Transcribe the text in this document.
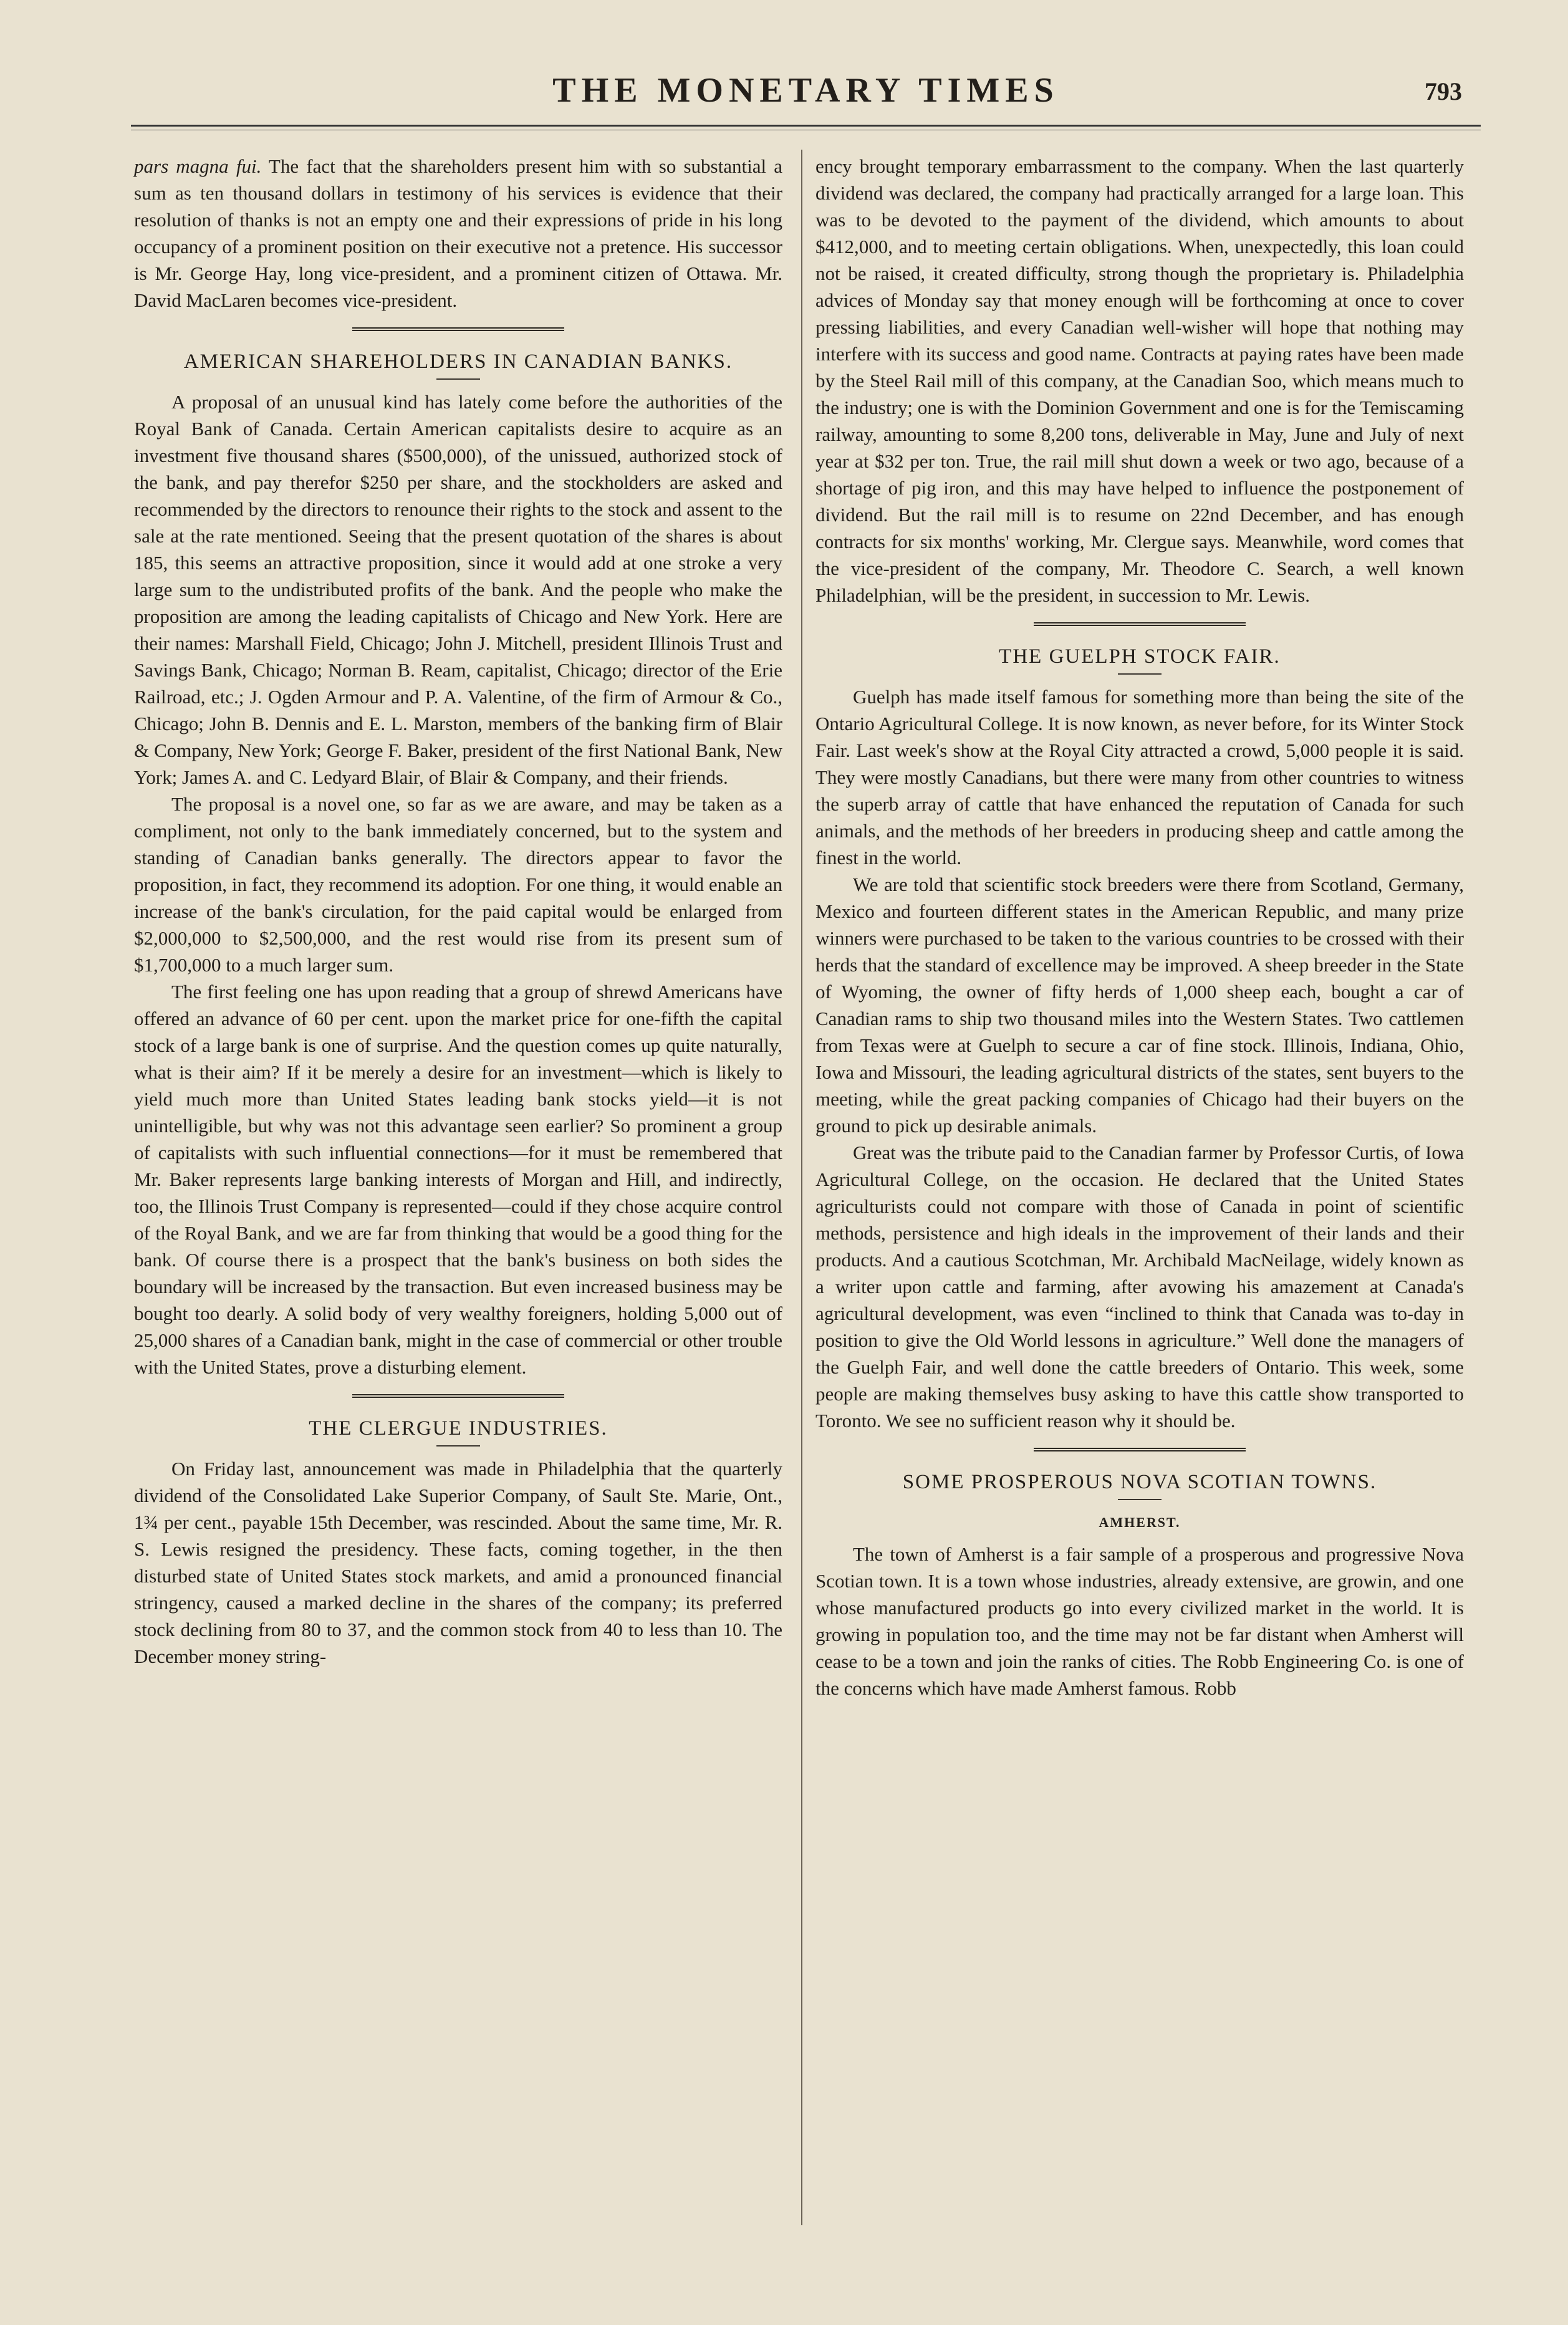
THE MONETARY TIMES	793

pars magna fui. The fact that the shareholders present him with so substantial a sum as ten thousand dollars in testimony of his services is evidence that their resolution of thanks is not an empty one and their expressions of pride in his long occupancy of a prominent position on their executive not a pretence. His successor is Mr. George Hay, long vice-president, and a prominent citizen of Ottawa. Mr. David MacLaren becomes vice-president.

AMERICAN SHAREHOLDERS IN CANADIAN BANKS.

A proposal of an unusual kind has lately come before the authorities of the Royal Bank of Canada. Certain American capitalists desire to acquire as an investment five thousand shares ($500,000), of the unissued, authorized stock of the bank, and pay therefor $250 per share, and the stockholders are asked and recommended by the directors to renounce their rights to the stock and assent to the sale at the rate mentioned. Seeing that the present quotation of the shares is about 185, this seems an attractive proposition, since it would add at one stroke a very large sum to the undistributed profits of the bank. And the people who make the proposition are among the leading capitalists of Chicago and New York. Here are their names: Marshall Field, Chicago; John J. Mitchell, president Illinois Trust and Savings Bank, Chicago; Norman B. Ream, capitalist, Chicago; director of the Erie Railroad, etc.; J. Ogden Armour and P. A. Valentine, of the firm of Armour & Co., Chicago; John B. Dennis and E. L. Marston, members of the banking firm of Blair & Company, New York; George F. Baker, president of the first National Bank, New York; James A. and C. Ledyard Blair, of Blair & Company, and their friends.

The proposal is a novel one, so far as we are aware, and may be taken as a compliment, not only to the bank immediately concerned, but to the system and standing of Canadian banks generally. The directors appear to favor the proposition, in fact, they recommend its adoption. For one thing, it would enable an increase of the bank's circulation, for the paid capital would be enlarged from $2,000,000 to $2,500,000, and the rest would rise from its present sum of $1,700,000 to a much larger sum.

The first feeling one has upon reading that a group of shrewd Americans have offered an advance of 60 per cent. upon the market price for one-fifth the capital stock of a large bank is one of surprise. And the question comes up quite naturally, what is their aim? If it be merely a desire for an investment—which is likely to yield much more than United States leading bank stocks yield—it is not unintelligible, but why was not this advantage seen earlier? So prominent a group of capitalists with such influential connections—for it must be remembered that Mr. Baker represents large banking interests of Morgan and Hill, and indirectly, too, the Illinois Trust Company is represented—could if they chose acquire control of the Royal Bank, and we are far from thinking that would be a good thing for the bank. Of course there is a prospect that the bank's business on both sides the boundary will be increased by the transaction. But even increased business may be bought too dearly. A solid body of very wealthy foreigners, holding 5,000 out of 25,000 shares of a Canadian bank, might in the case of commercial or other trouble with the United States, prove a disturbing element.

THE CLERGUE INDUSTRIES.

On Friday last, announcement was made in Philadelphia that the quarterly dividend of the Consolidated Lake Superior Company, of Sault Ste. Marie, Ont., 1¾ per cent., payable 15th December, was rescinded. About the same time, Mr. R. S. Lewis resigned the presidency. These facts, coming together, in the then disturbed state of United States stock markets, and amid a pronounced financial stringency, caused a marked decline in the shares of the company; its preferred stock declining from 80 to 37, and the common stock from 40 to less than 10. The December money string-

ency brought temporary embarrassment to the company. When the last quarterly dividend was declared, the company had practically arranged for a large loan. This was to be devoted to the payment of the dividend, which amounts to about $412,000, and to meeting certain obligations. When, unexpectedly, this loan could not be raised, it created difficulty, strong though the proprietary is. Philadelphia advices of Monday say that money enough will be forthcoming at once to cover pressing liabilities, and every Canadian well-wisher will hope that nothing may interfere with its success and good name. Contracts at paying rates have been made by the Steel Rail mill of this company, at the Canadian Soo, which means much to the industry; one is with the Dominion Government and one is for the Temiscaming railway, amounting to some 8,200 tons, deliverable in May, June and July of next year at $32 per ton. True, the rail mill shut down a week or two ago, because of a shortage of pig iron, and this may have helped to influence the postponement of dividend. But the rail mill is to resume on 22nd December, and has enough contracts for six months' working, Mr. Clergue says. Meanwhile, word comes that the vice-president of the company, Mr. Theodore C. Search, a well known Philadelphian, will be the president, in succession to Mr. Lewis.

THE GUELPH STOCK FAIR.

Guelph has made itself famous for something more than being the site of the Ontario Agricultural College. It is now known, as never before, for its Winter Stock Fair. Last week's show at the Royal City attracted a crowd, 5,000 people it is said. They were mostly Canadians, but there were many from other countries to witness the superb array of cattle that have enhanced the reputation of Canada for such animals, and the methods of her breeders in producing sheep and cattle among the finest in the world.

We are told that scientific stock breeders were there from Scotland, Germany, Mexico and fourteen different states in the American Republic, and many prize winners were purchased to be taken to the various countries to be crossed with their herds that the standard of excellence may be improved. A sheep breeder in the State of Wyoming, the owner of fifty herds of 1,000 sheep each, bought a car of Canadian rams to ship two thousand miles into the Western States. Two cattlemen from Texas were at Guelph to secure a car of fine stock. Illinois, Indiana, Ohio, Iowa and Missouri, the leading agricultural districts of the states, sent buyers to the meeting, while the great packing companies of Chicago had their buyers on the ground to pick up desirable animals.

Great was the tribute paid to the Canadian farmer by Professor Curtis, of Iowa Agricultural College, on the occasion. He declared that the United States agriculturists could not compare with those of Canada in point of scientific methods, persistence and high ideals in the improvement of their lands and their products. And a cautious Scotchman, Mr. Archibald MacNeilage, widely known as a writer upon cattle and farming, after avowing his amazement at Canada's agricultural development, was even “inclined to think that Canada was to-day in position to give the Old World lessons in agriculture.” Well done the managers of the Guelph Fair, and well done the cattle breeders of Ontario. This week, some people are making themselves busy asking to have this cattle show transported to Toronto. We see no sufficient reason why it should be.

SOME PROSPEROUS NOVA SCOTIAN TOWNS.
AMHERST.

The town of Amherst is a fair sample of a prosperous and progressive Nova Scotian town. It is a town whose industries, already extensive, are growin, and one whose manufactured products go into every civilized market in the world. It is growing in population too, and the time may not be far distant when Amherst will cease to be a town and join the ranks of cities. The Robb Engineering Co. is one of the concerns which have made Amherst famous. Robb
